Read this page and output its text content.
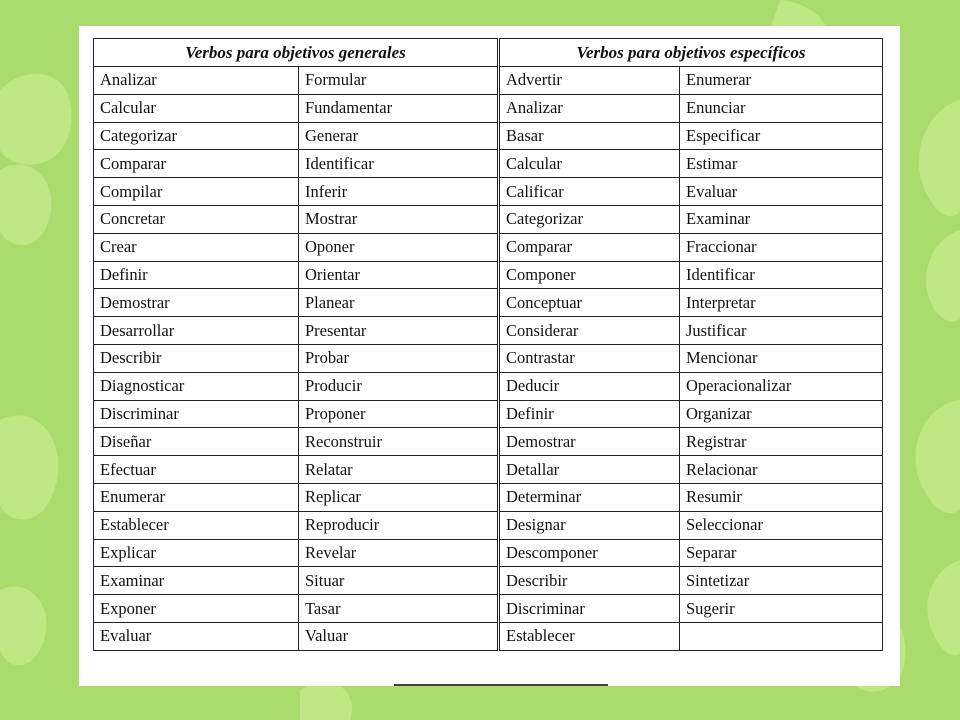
Verbos para objetivos generales		Verbos para objetivos específicos	
Analizar	Formular	Advertir	Enumerar
Calcular	Fundamentar	Analizar	Enunciar
Categorizar	Generar	Basar	Especificar
Comparar	Identificar	Calcular	Estimar
Compilar	Inferir	Calificar	Evaluar
Concretar	Mostrar	Categorizar	Examinar
Crear	Oponer	Comparar	Fraccionar
Definir	Orientar	Componer	Identificar
Demostrar	Planear	Conceptuar	Interpretar
Desarrollar	Presentar	Considerar	Justificar
Describir	Probar	Contrastar	Mencionar
Diagnosticar	Producir	Deducir	Operacionalizar
Discriminar	Proponer	Definir	Organizar
Diseñar	Reconstruir	Demostrar	Registrar
Efectuar	Relatar	Detallar	Relacionar
Enumerar	Replicar	Determinar	Resumir
Establecer	Reproducir	Designar	Seleccionar
Explicar	Revelar	Descomponer	Separar
Examinar	Situar	Describir	Sintetizar
Exponer	Tasar	Discriminar	Sugerir
Evaluar	Valuar	Establecer	
